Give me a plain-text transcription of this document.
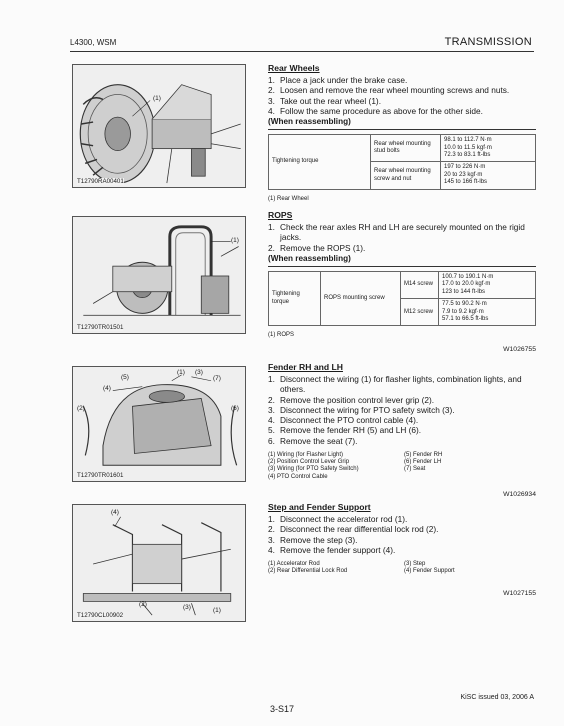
L4300, WSM	TRANSMISSION
(1)
T12790RA00401
(1)
T12790TR01501
(5)
(1) (3)
(7)
(4)
(2)	(6)
T12790TR01601
(4)
(2)	(3)	(1)
T12790CL00902
Rear Wheels
1. Place a jack under the brake case.
2. Loosen and remove the rear wheel mounting screws and nuts.
3. Take out the rear wheel (1).
4. Follow the same procedure as above for the other side.
(When reassembling)
Tightening torque	Rear wheel mounting stud bolts	98.1 to 112.7 N·m
10.0 to 11.5 kgf·m
72.3 to 83.1 ft-lbs

	Rear wheel mounting screw and nut	197 to 226 N·m
20 to 23 kgf·m
145 to 166 ft-lbs
(1) Rear Wheel
ROPS
1. Check the rear axles RH and LH are securely mounted on the rigid jacks.
2. Remove the ROPS (1).
(When reassembling)
Tightening torque	ROPS mounting screw	M14 screw	100.7 to 190.1 N·m
17.0 to 20.0 kgf·m
123 to 144 ft-lbs

		M12 screw	77.5 to 90.2 N·m
7.9 to 9.2 kgf·m
57.1 to 66.5 ft-lbs
(1) ROPS
W1026755
Fender RH and LH
1. Disconnect the wiring (1) for flasher lights, combination lights, and others.
2. Remove the position control lever grip (2).
3. Disconnect the wiring for PTO safety switch (3).
4. Disconnect the PTO control cable (4).
5. Remove the fender RH (5) and LH (6).
6. Remove the seat (7).
(1) Wiring (for Flasher Light)
(2) Position Control Lever Grip
(3) Wiring (for PTO Safety Switch)
(4) PTO Control Cable
(5) Fender RH
(6) Fender LH
(7) Seat
W1026934
Step and Fender Support
1. Disconnect the accelerator rod (1).
2. Disconnect the rear differential lock rod (2).
3. Remove the step (3).
4. Remove the fender support (4).
(1) Accelerator Rod
(2) Rear Differential Lock Rod
(3) Step
(4) Fender Support
W1027155
KiSC issued 03, 2006 A
3-S17
